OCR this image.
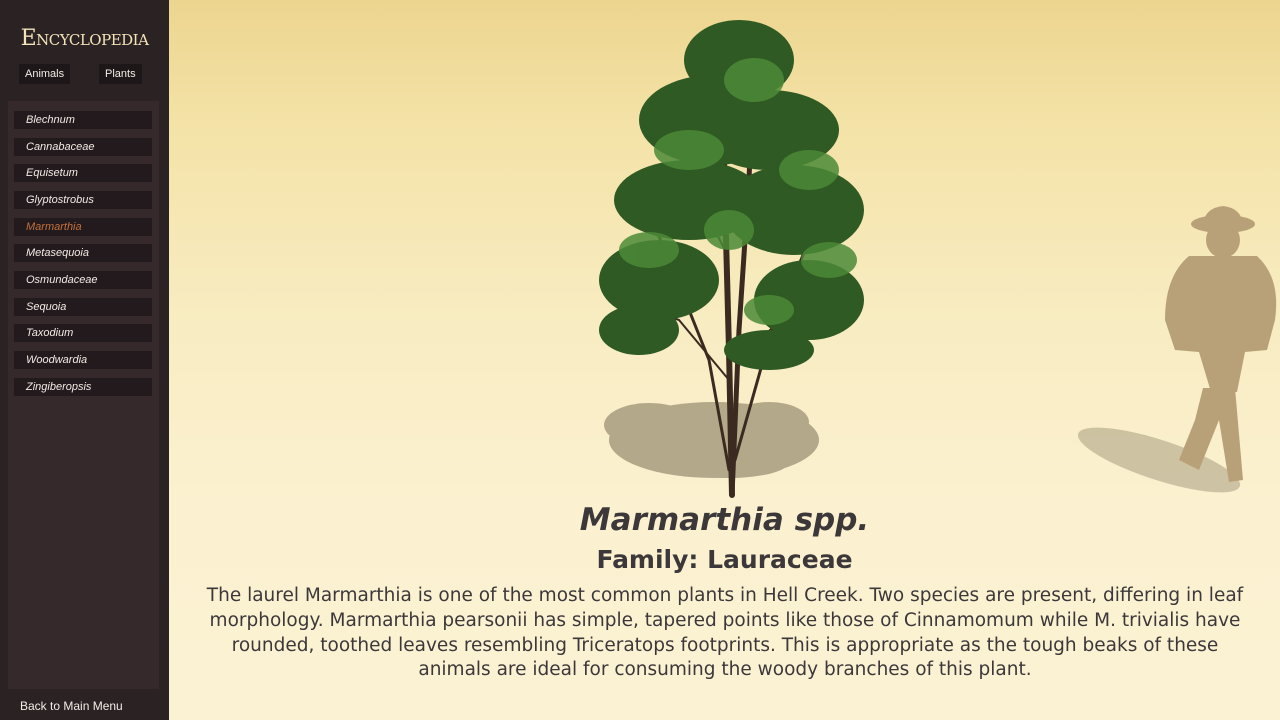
Encyclopedia
Animals	Plants
Blechnum
Cannabaceae
Equisetum
Glyptostrobus
Marmarthia
Metasequoia
Osmundaceae
Sequoia
Taxodium
Woodwardia
Zingiberopsis
Back to Main Menu
Marmarthia spp.
Family: Lauraceae
The laurel Marmarthia is one of the most common plants in Hell Creek. Two species are present, differing in leaf morphology. Marmarthia pearsonii has simple, tapered points like those of Cinnamomum while M. trivialis have rounded, toothed leaves resembling Triceratops footprints. This is appropriate as the tough beaks of these animals are ideal for consuming the woody branches of this plant.
